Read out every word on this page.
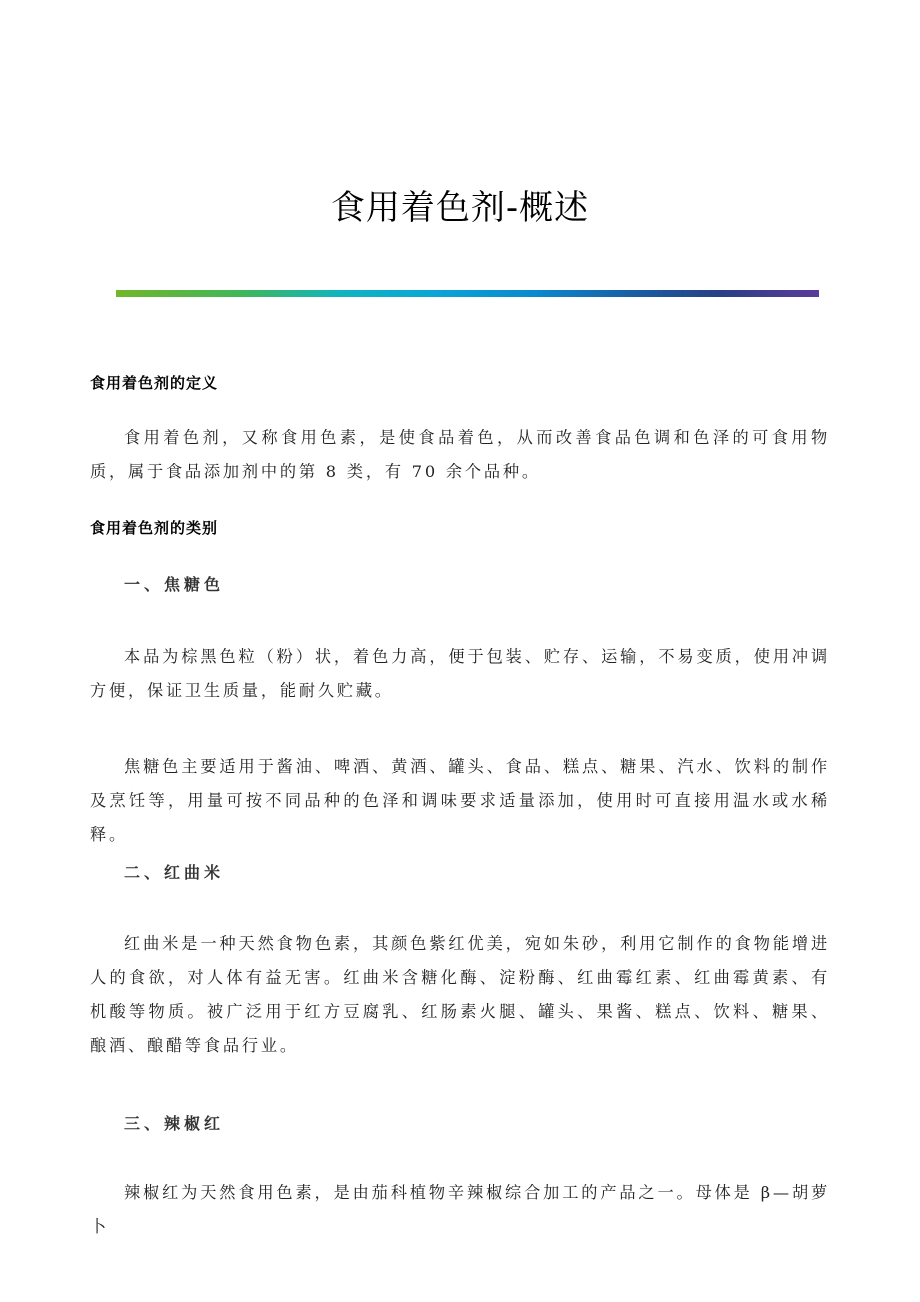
食用着色剂-概述
食用着色剂的定义

食用着色剂，又称食用色素，是使食品着色，从而改善食品色调和色泽的可食用物质，属于食品添加剂中的第 8 类，有 70 余个品种。

食用着色剂的类别
一、焦糖色

本品为棕黑色粒（粉）状，着色力高，便于包装、贮存、运输，不易变质，使用冲调方便，保证卫生质量，能耐久贮藏。

焦糖色主要适用于酱油、啤酒、黄酒、罐头、食品、糕点、糖果、汽水、饮料的制作及烹饪等，用量可按不同品种的色泽和调味要求适量添加，使用时可直接用温水或水稀释。

二、红曲米

红曲米是一种天然食物色素，其颜色紫红优美，宛如朱砂，利用它制作的食物能增进人的食欲，对人体有益无害。红曲米含糖化酶、淀粉酶、红曲霉红素、红曲霉黄素、有机酸等物质。被广泛用于红方豆腐乳、红肠素火腿、罐头、果酱、糕点、饮料、糖果、酿酒、酿醋等食品行业。

三、辣椒红

辣椒红为天然食用色素，是由茄科植物辛辣椒综合加工的产品之一。母体是 β—胡萝卜
